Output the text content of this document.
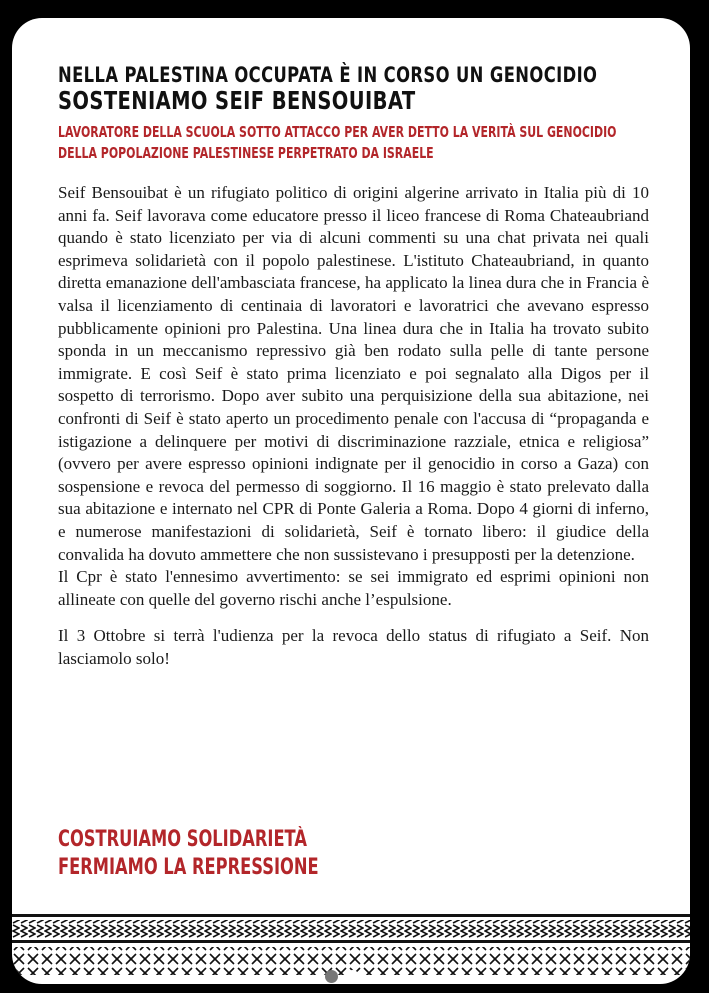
NELLA PALESTINA OCCUPATA È IN CORSO UN GENOCIDIO
SOSTENIAMO SEIF BENSOUIBAT
LAVORATORE DELLA SCUOLA SOTTO ATTACCO PER AVER DETTO LA VERITÀ SUL GENOCIDIO
DELLA POPOLAZIONE PALESTINESE PERPETRATO DA ISRAELE

Seif Bensouibat è un rifugiato politico di origini algerine arrivato in Italia più di 10 anni fa. Seif lavorava come educatore presso il liceo francese di Roma Chateaubriand quando è stato licenziato per via di alcuni commenti su una chat privata nei quali esprimeva solidarietà con il popolo palestinese. L'istituto Chateaubriand, in quanto diretta emanazione dell'ambasciata francese, ha applicato la linea dura che in Francia è valsa il licenziamento di centinaia di lavoratori e lavoratrici che avevano espresso pubblicamente opinioni pro Palestina. Una linea dura che in Italia ha trovato subito sponda in un meccanismo repressivo già ben rodato sulla pelle di tante persone immigrate. E così Seif è stato prima licenziato e poi segnalato alla Digos per il sospetto di terrorismo. Dopo aver subito una perquisizione della sua abitazione, nei confronti di Seif è stato aperto un procedimento penale con l'accusa di “propaganda e istigazione a delinquere per motivi di discriminazione razziale, etnica e religiosa” (ovvero per avere espresso opinioni indignate per il genocidio in corso a Gaza) con sospensione e revoca del permesso di soggiorno. Il 16 maggio è stato prelevato dalla sua abitazione e internato nel CPR di Ponte Galeria a Roma. Dopo 4 giorni di inferno, e numerose manifestazioni di solidarietà, Seif è tornato libero: il giudice della convalida ha dovuto ammettere che non sussistevano i presupposti per la detenzione.

Il Cpr è stato l'ennesimo avvertimento: se sei immigrato ed esprimi opinioni non allineate con quelle del governo rischi anche l’espulsione.

Il 3 Ottobre si terrà l'udienza per la revoca dello status di rifugiato a Seif. Non lasciamolo solo!

COSTRUIAMO SOLIDARIETÀ
FERMIAMO LA REPRESSIONE
